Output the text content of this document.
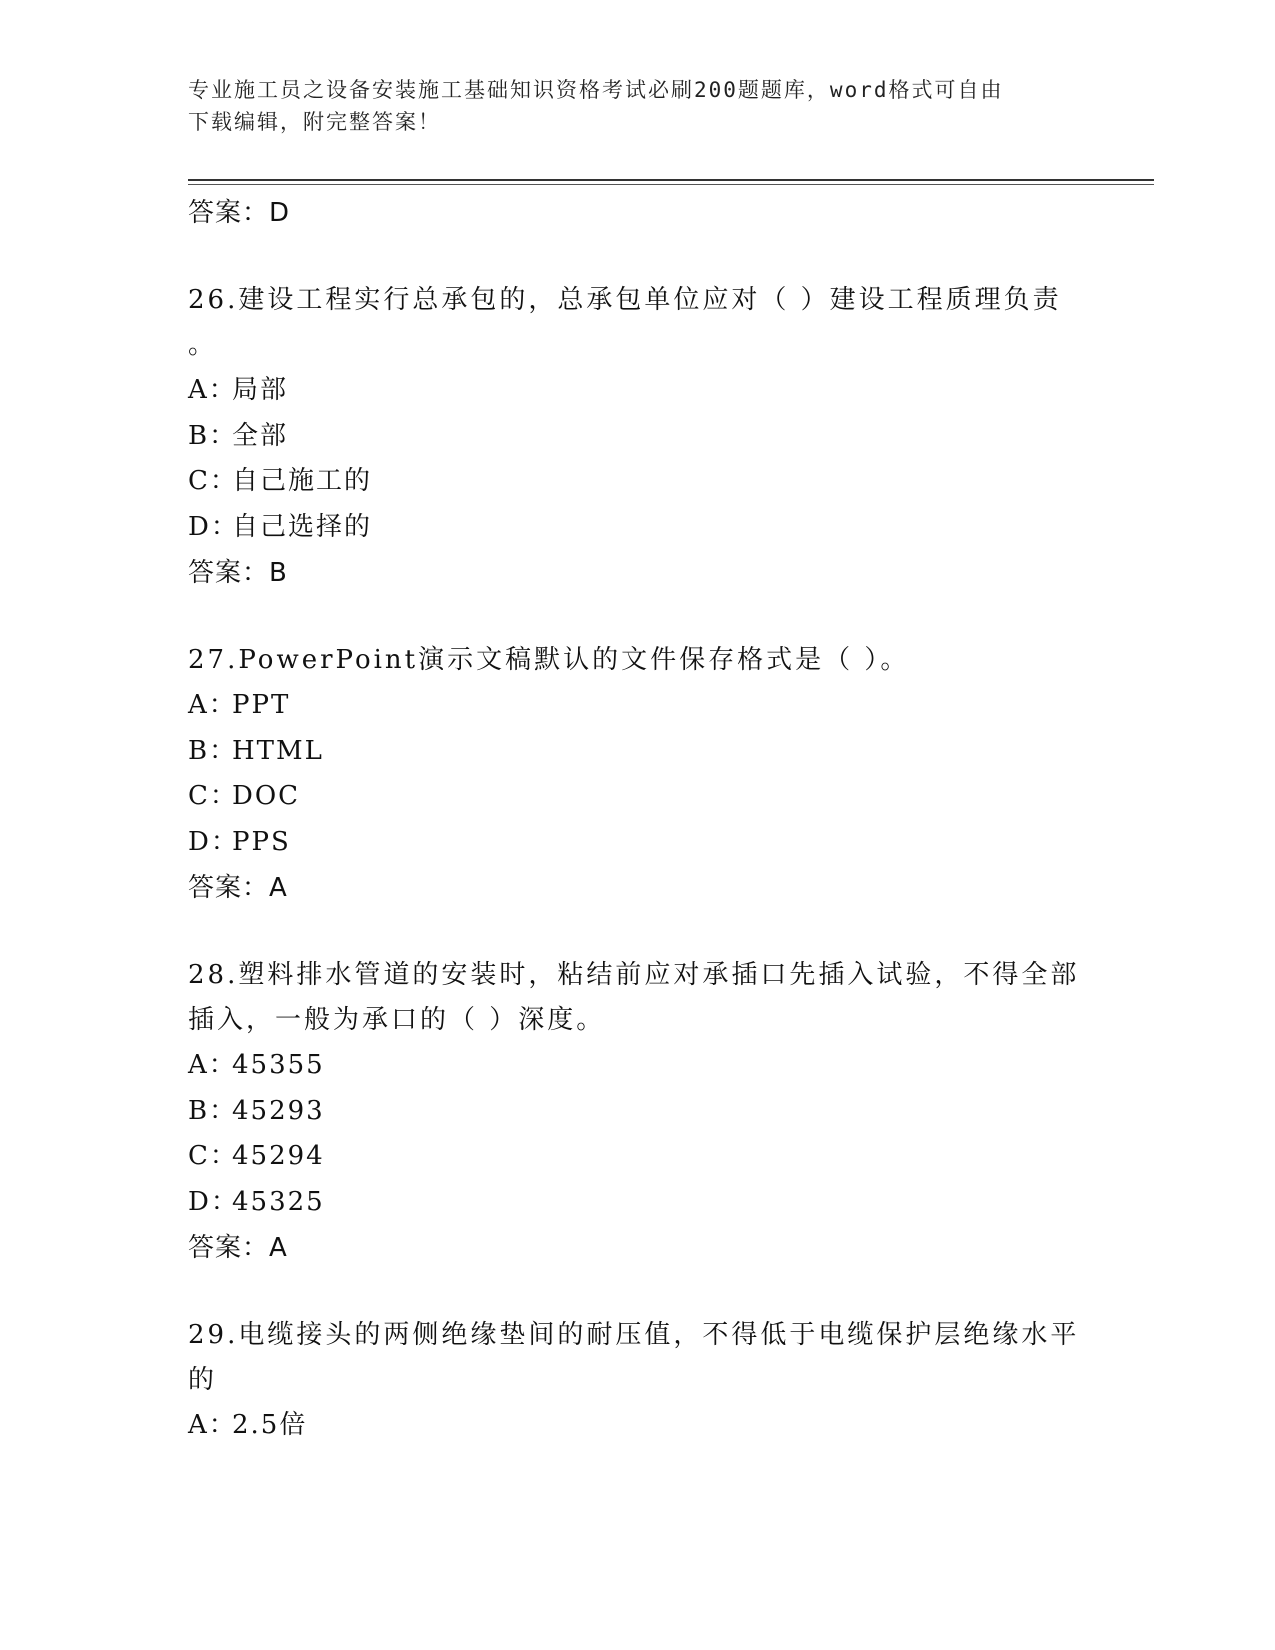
专业施工员之设备安装施工基础知识资格考试必刷200题题库，word格式可自由
下载编辑，附完整答案！

答案：D

26.建设工程实行总承包的，总承包单位应对（ ）建设工程质理负责

。

A：局部

B：全部

C：自己施工的

D：自己选择的

答案：B

27.PowerPoint演示文稿默认的文件保存格式是（ ）。

A：PPT

B：HTML

C：DOC

D：PPS

答案：A

28.塑料排水管道的安装时，粘结前应对承插口先插入试验，不得全部

插入，一般为承口的（ ）深度。

A：45355

B：45293

C：45294

D：45325

答案：A

29.电缆接头的两侧绝缘垫间的耐压值，不得低于电缆保护层绝缘水平

的

A：2.5倍
